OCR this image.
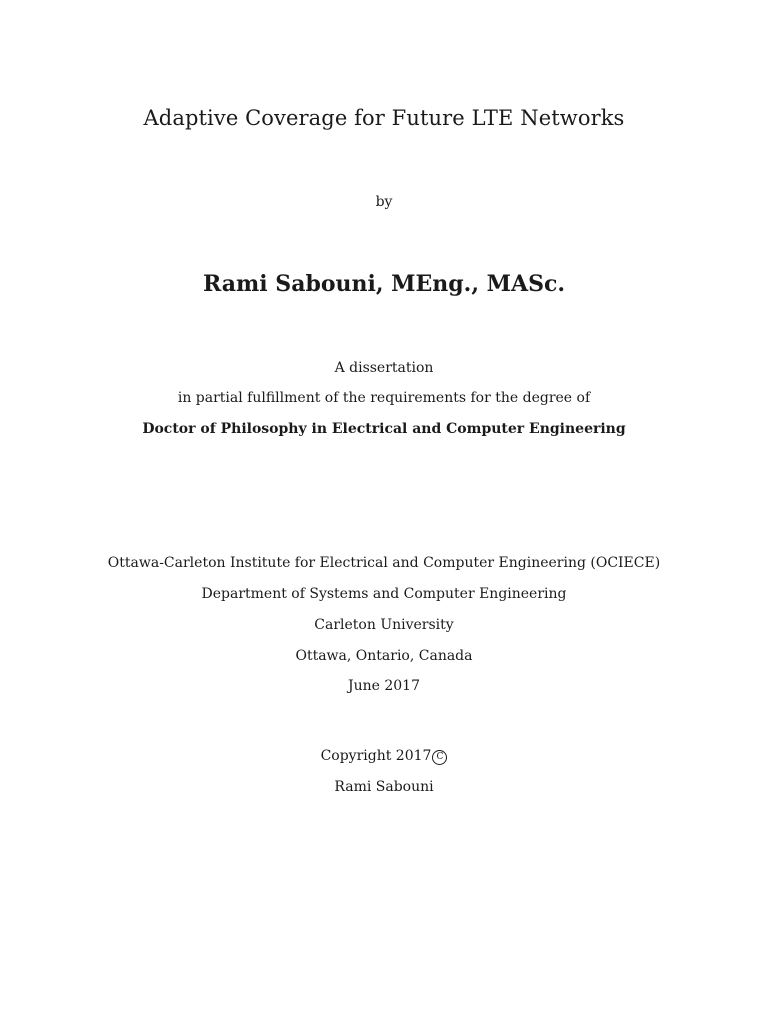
Adaptive Coverage for Future LTE Networks
by
Rami Sabouni, MEng., MASc.
A dissertation
in partial fulfillment of the requirements for the degree of
Doctor of Philosophy in Electrical and Computer Engineering
Ottawa-Carleton Institute for Electrical and Computer Engineering (OCIECE)
Department of Systems and Computer Engineering
Carleton University
Ottawa, Ontario, Canada
June 2017
Copyright 2017 C
Rami Sabouni
